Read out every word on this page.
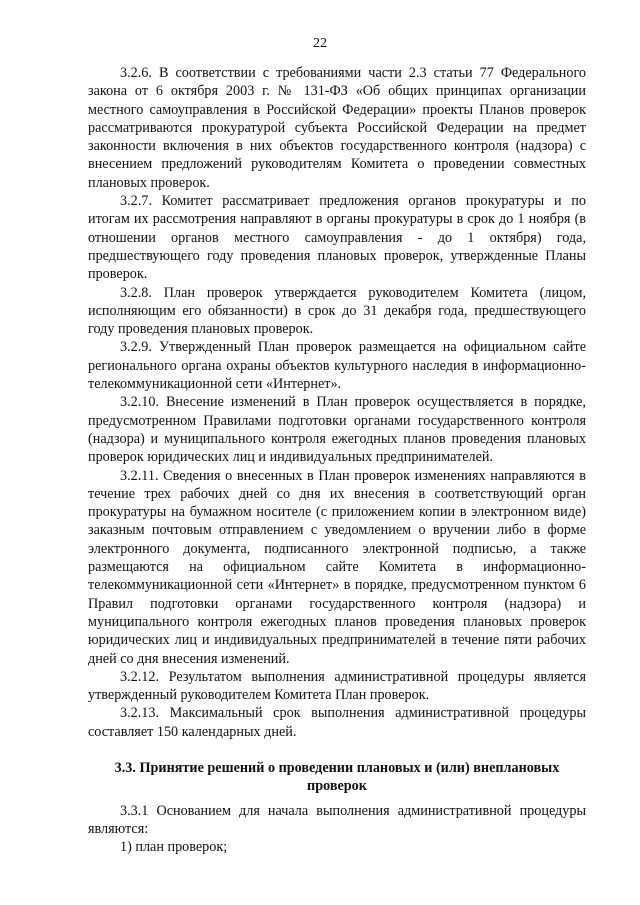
22

3.2.6. В соответствии с требованиями части 2.3 статьи 77 Федерального закона от 6 октября 2003 г. № 131-ФЗ «Об общих принципах организации местного самоуправления в Российской Федерации» проекты Планов проверок рассматриваются прокуратурой субъекта Российской Федерации на предмет законности включения в них объектов государственного контроля (надзора) с внесением предложений руководителям Комитета о проведении совместных плановых проверок.

3.2.7. Комитет рассматривает предложения органов прокуратуры и по итогам их рассмотрения направляют в органы прокуратуры в срок до 1 ноября (в отношении органов местного самоуправления - до 1 октября) года, предшествующего году проведения плановых проверок, утвержденные Планы проверок.

3.2.8. План проверок утверждается руководителем Комитета (лицом, исполняющим его обязанности) в срок до 31 декабря года, предшествующего году проведения плановых проверок.

3.2.9. Утвержденный План проверок размещается на официальном сайте регионального органа охраны объектов культурного наследия в информационно-телекоммуникационной сети «Интернет».

3.2.10. Внесение изменений в План проверок осуществляется в порядке, предусмотренном Правилами подготовки органами государственного контроля (надзора) и муниципального контроля ежегодных планов проведения плановых проверок юридических лиц и индивидуальных предпринимателей.

3.2.11. Сведения о внесенных в План проверок изменениях направляются в течение трех рабочих дней со дня их внесения в соответствующий орган прокуратуры на бумажном носителе (с приложением копии в электронном виде) заказным почтовым отправлением с уведомлением о вручении либо в форме электронного документа, подписанного электронной подписью, а также размещаются на официальном сайте Комитета в информационно-телекоммуникационной сети «Интернет» в порядке, предусмотренном пунктом 6 Правил подготовки органами государственного контроля (надзора) и муниципального контроля ежегодных планов проведения плановых проверок юридических лиц и индивидуальных предпринимателей в течение пяти рабочих дней со дня внесения изменений.

3.2.12. Результатом выполнения административной процедуры является утвержденный руководителем Комитета План проверок.

3.2.13. Максимальный срок выполнения административной процедуры составляет 150 календарных дней.

3.3. Принятие решений о проведении плановых и (или) внеплановых проверок

3.3.1 Основанием для начала выполнения административной процедуры являются:

1) план проверок;
